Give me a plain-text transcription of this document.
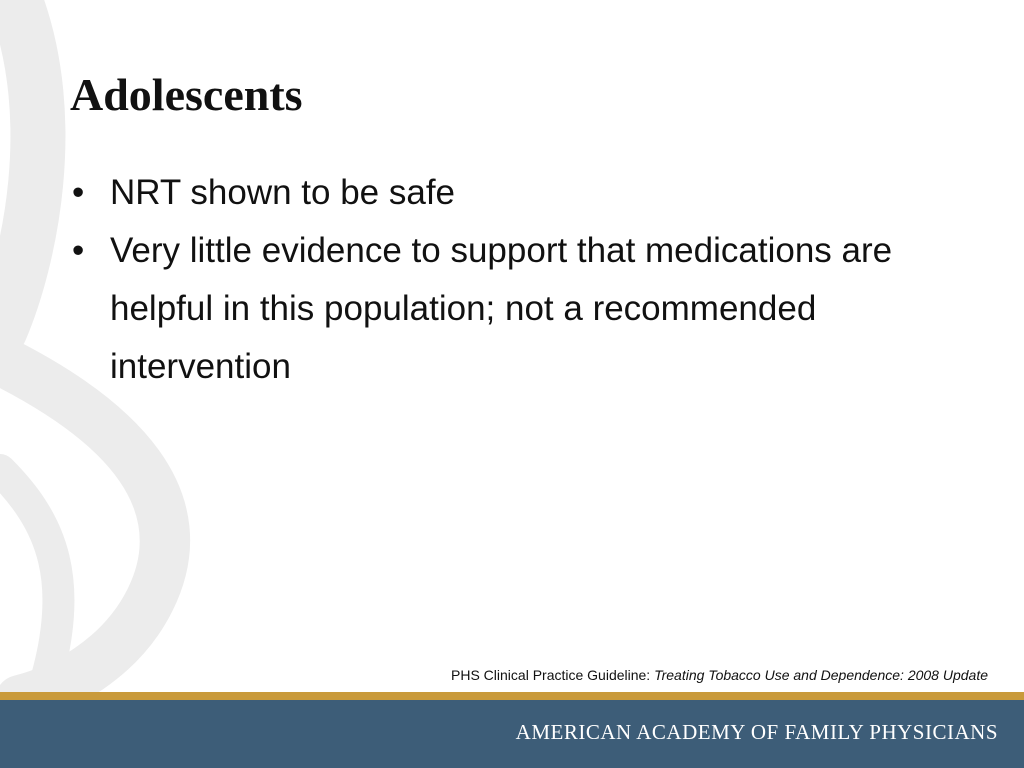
Adolescents
• NRT shown to be safe
• Very little evidence to support that medications are helpful in this population; not a recommended intervention
PHS Clinical Practice Guideline: Treating Tobacco Use and Dependence: 2008 Update
AMERICAN ACADEMY OF FAMILY PHYSICIANS
